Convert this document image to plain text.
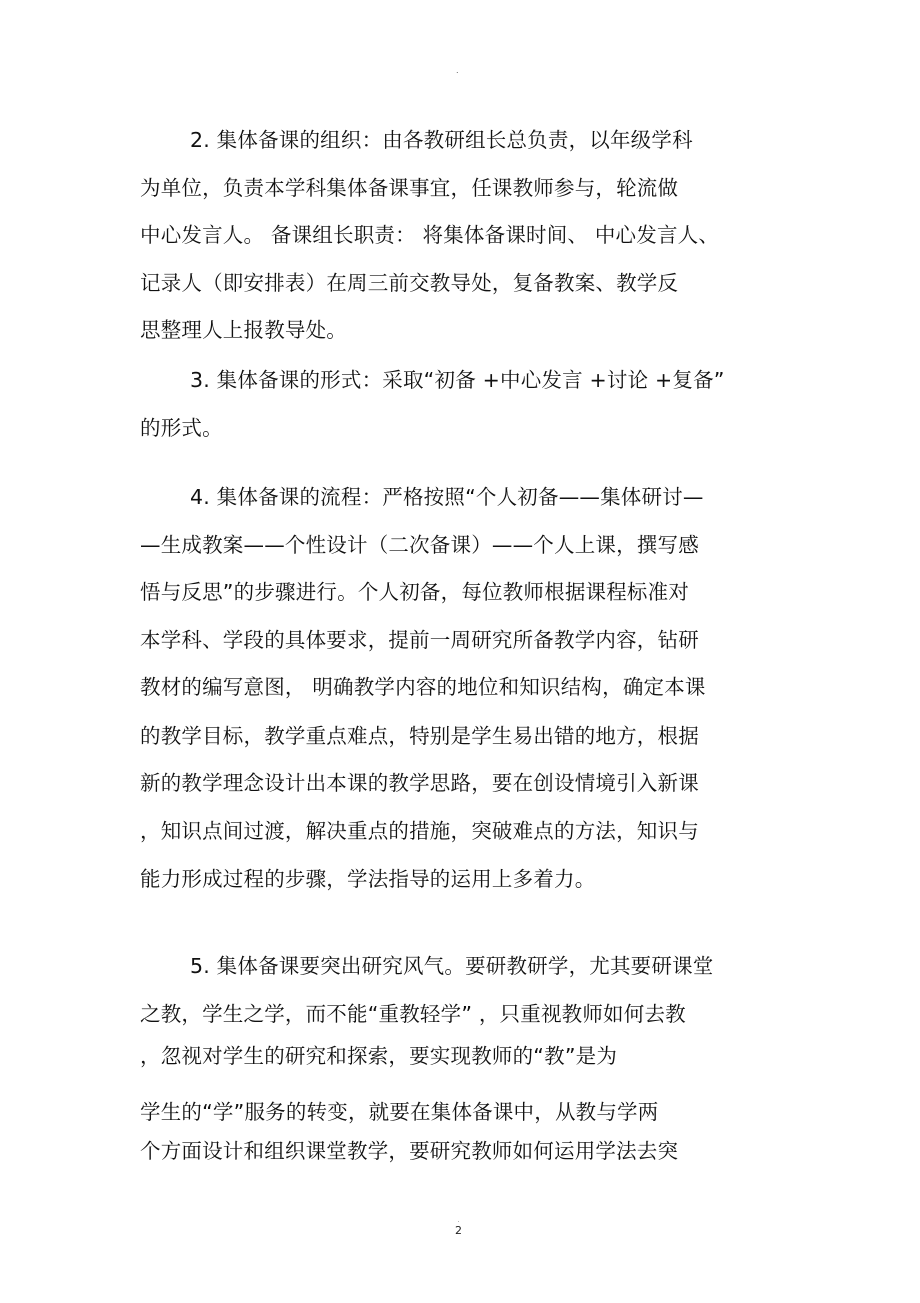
.
2. 集体备课的组织：由各教研组长总负责，以年级学科
为单位，负责本学科集体备课事宜，任课教师参与，轮流做
中心发言人。 备课组长职责： 将集体备课时间、 中心发言人、
记录人（即安排表）在周三前交教导处，复备教案、教学反
思整理人上报教导处。
3. 集体备课的形式：采取“初备 +中心发言 +讨论 +复备”
的形式。
4. 集体备课的流程：严格按照“个人初备——集体研讨—
—生成教案——个性设计（二次备课）——个人上课，撰写感
悟与反思”的步骤进行。个人初备，每位教师根据课程标准对
本学科、学段的具体要求，提前一周研究所备教学内容，钻研
教材的编写意图， 明确教学内容的地位和知识结构，确定本课
的教学目标，教学重点难点，特别是学生易出错的地方，根据
新的教学理念设计出本课的教学思路，要在创设情境引入新课
，知识点间过渡，解决重点的措施，突破难点的方法，知识与
能力形成过程的步骤，学法指导的运用上多着力。
5. 集体备课要突出研究风气。要研教研学，尤其要研课堂
之教，学生之学，而不能“重教轻学” ，只重视教师如何去教
，忽视对学生的研究和探索，要实现教师的“教”是为
学生的“学”服务的转变，就要在集体备课中，从教与学两
个方面设计和组织课堂教学，要研究教师如何运用学法去突
.
2
